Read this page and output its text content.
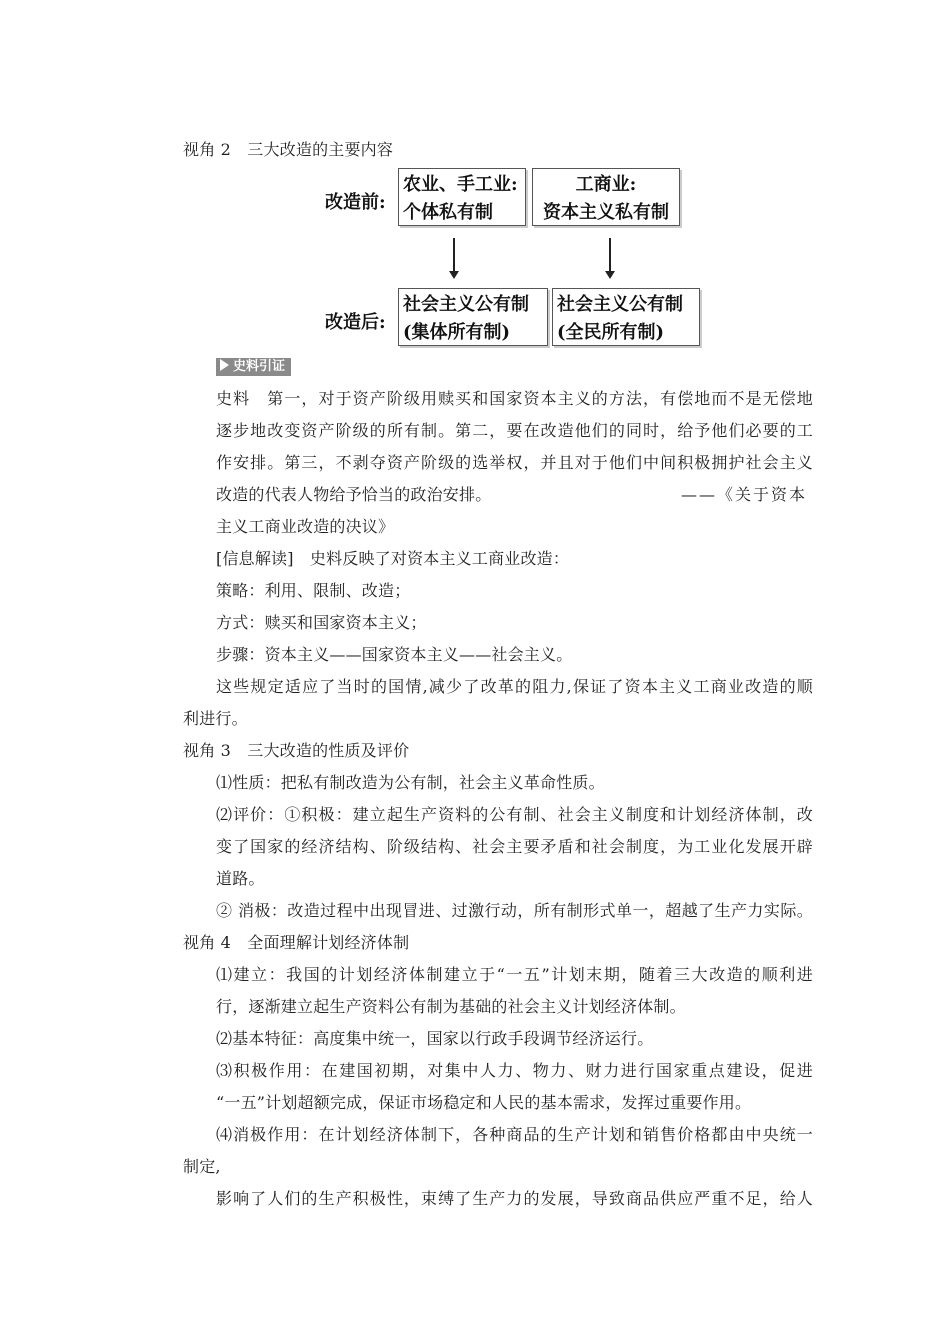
视角 2　三大改造的主要内容
改造前:
农业、手工业:
个体私有制
工商业:
资本主义私有制
改造后:
社会主义公有制
(集体所有制)
社会主义公有制
(全民所有制)
史料引证
史料　第一，对于资产阶级用赎买和国家资本主义的方法，有偿地而不是无偿地
逐步地改变资产阶级的所有制。第二，要在改造他们的同时，给予他们必要的工
作安排。第三，不剥夺资产阶级的选举权，并且对于他们中间积极拥护社会主义
改造的代表人物给予恰当的政治安排。	——《关于资本
主义工商业改造的决议》
[信息解读]　史料反映了对资本主义工商业改造：
策略：利用、限制、改造；
方式：赎买和国家资本主义；
步骤：资本主义——国家资本主义——社会主义。
这些规定适应了当时的国情,减少了改革的阻力,保证了资本主义工商业改造的顺
利进行。
视角 3　三大改造的性质及评价
⑴性质：把私有制改造为公有制，社会主义革命性质。
⑵评价：①积极：建立起生产资料的公有制、社会主义制度和计划经济体制，改
变了国家的经济结构、阶级结构、社会主要矛盾和社会制度，为工业化发展开辟
道路。
② 消极：改造过程中出现冒进、过激行动，所有制形式单一，超越了生产力实际。
视角 4　全面理解计划经济体制
⑴建立：我国的计划经济体制建立于“一五”计划末期，随着三大改造的顺利进
行，逐渐建立起生产资料公有制为基础的社会主义计划经济体制。
⑵基本特征：高度集中统一，国家以行政手段调节经济运行。
⑶积极作用：在建国初期，对集中人力、物力、财力进行国家重点建设，促进
“一五”计划超额完成，保证市场稳定和人民的基本需求，发挥过重要作用。
⑷消极作用：在计划经济体制下，各种商品的生产计划和销售价格都由中央统一
制定,
影响了人们的生产积极性，束缚了生产力的发展，导致商品供应严重不足，给人
